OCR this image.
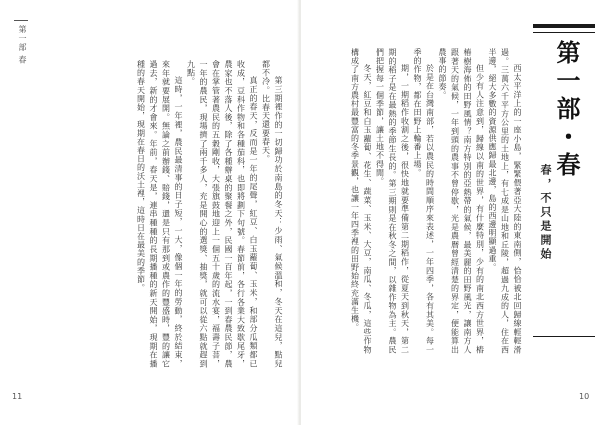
第一部 春

第三期裡作的一切歸功於南島的冬天：少雨、氣候溫和，冬天在這兒，點兒都不冷。比春天還要春天。

真正的春天，反而是一年的尾聲，紅豆、白玉蘿蔔、玉米，和部分瓜類都已收成，豆科作物和各種茄科，也即將劃下句號。春節前，各行各業大致歇尾牙，農家也不落人後，除了各種辦桌的聚餐之外，民國一百年起，一到春農民節，農會在掌管著農民的五穀剛收，大張旗鼓地迎上一個五十歲的流水宴，福壽子菩，一年的農民，現場擠了兩千多人，充是開心的選獎、抽獎，就可以從六點就趕到九點。

這時，一年裡，農民最清事的日子短，一大，像個一年的勞動，終於結束，來年就要展開。無論之前辦錢、賠錢，還是只有那到或農作的豐盛時，豐的讓它過去，新的才會來。年前，春天是，連串種種的長期播種的新天開始，現期在播種的春天開始，現期在春日的沃土裡，這時日在最美的季節。

11

西太平洋上的一座小島，緊緊偎著亞大陸的東南側，恰恰被北回歸線輕輕滑過。三萬六千平方公里的土地上，有七成是山地和丘陵，超過九成的人，住在西半邊，絕大多數的資源供應歸最北邊，島的西邊明顯過重。

但少有人注意到，歸線以南的世界，有什麼特別，少有的南北西方世界，樁樁樹海佈的田野風情？南方特別的亞熱帶的氣候，最美麗的田野風光，讓南方人跟著天的氣候，一年到頭的農事不曾停歇，光是農曆曾經清楚的界定，便能算出農事的節奏。

於是在台灣南部，若以農民的時間順序來表述，一年四季，各有其美。每一季的作物，都在田野上輪番上場。

期，一期稻作收割之後，很快地就要準備第二期稻作，從夏天到秋天，第二期的稻子是在最熱的季節生長的。第三期則是在秋冬之間，以雜作物為主。農民們把握每一個季節，讓土地不得閒。

冬天，紅豆和白玉蘿蔔、花生、蔬菜、玉米、大豆，南瓜、冬瓜，這些作物構成了南方農村最豐富的冬季景觀，也讓一年四季裡的田野始終充滿生機。	第一部・春
春，不只是開始
10
